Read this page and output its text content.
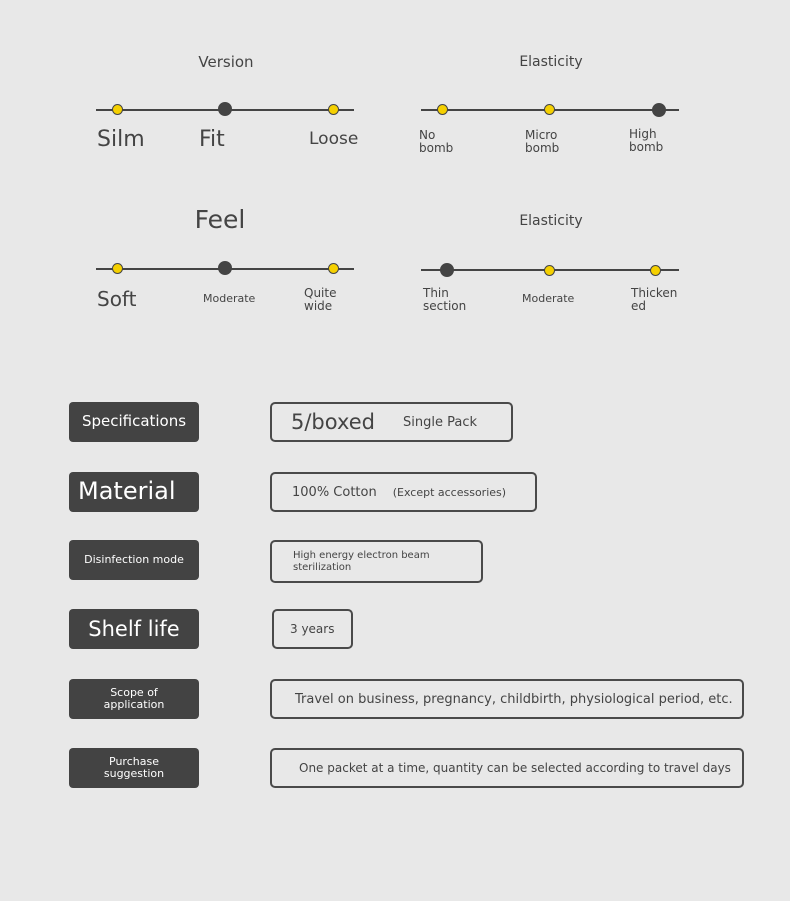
Version
Silm Fit	Loose
Elasticity
No
bomb
Micro
bomb
High
bomb
Feel
Soft	Moderate	Quite
wide
Elasticity
Thin
section
Moderate	Thicken
ed
Specifications	5/boxed Single Pack
Material	100% Cotton (Except accessories)
Disinfection mode	High energy electron beam
sterilization
Shelf life	3 years
Scope of
application	Travel on business, pregnancy, childbirth, physiological period, etc.
Purchase
suggestion	One packet at a time, quantity can be selected according to travel days
